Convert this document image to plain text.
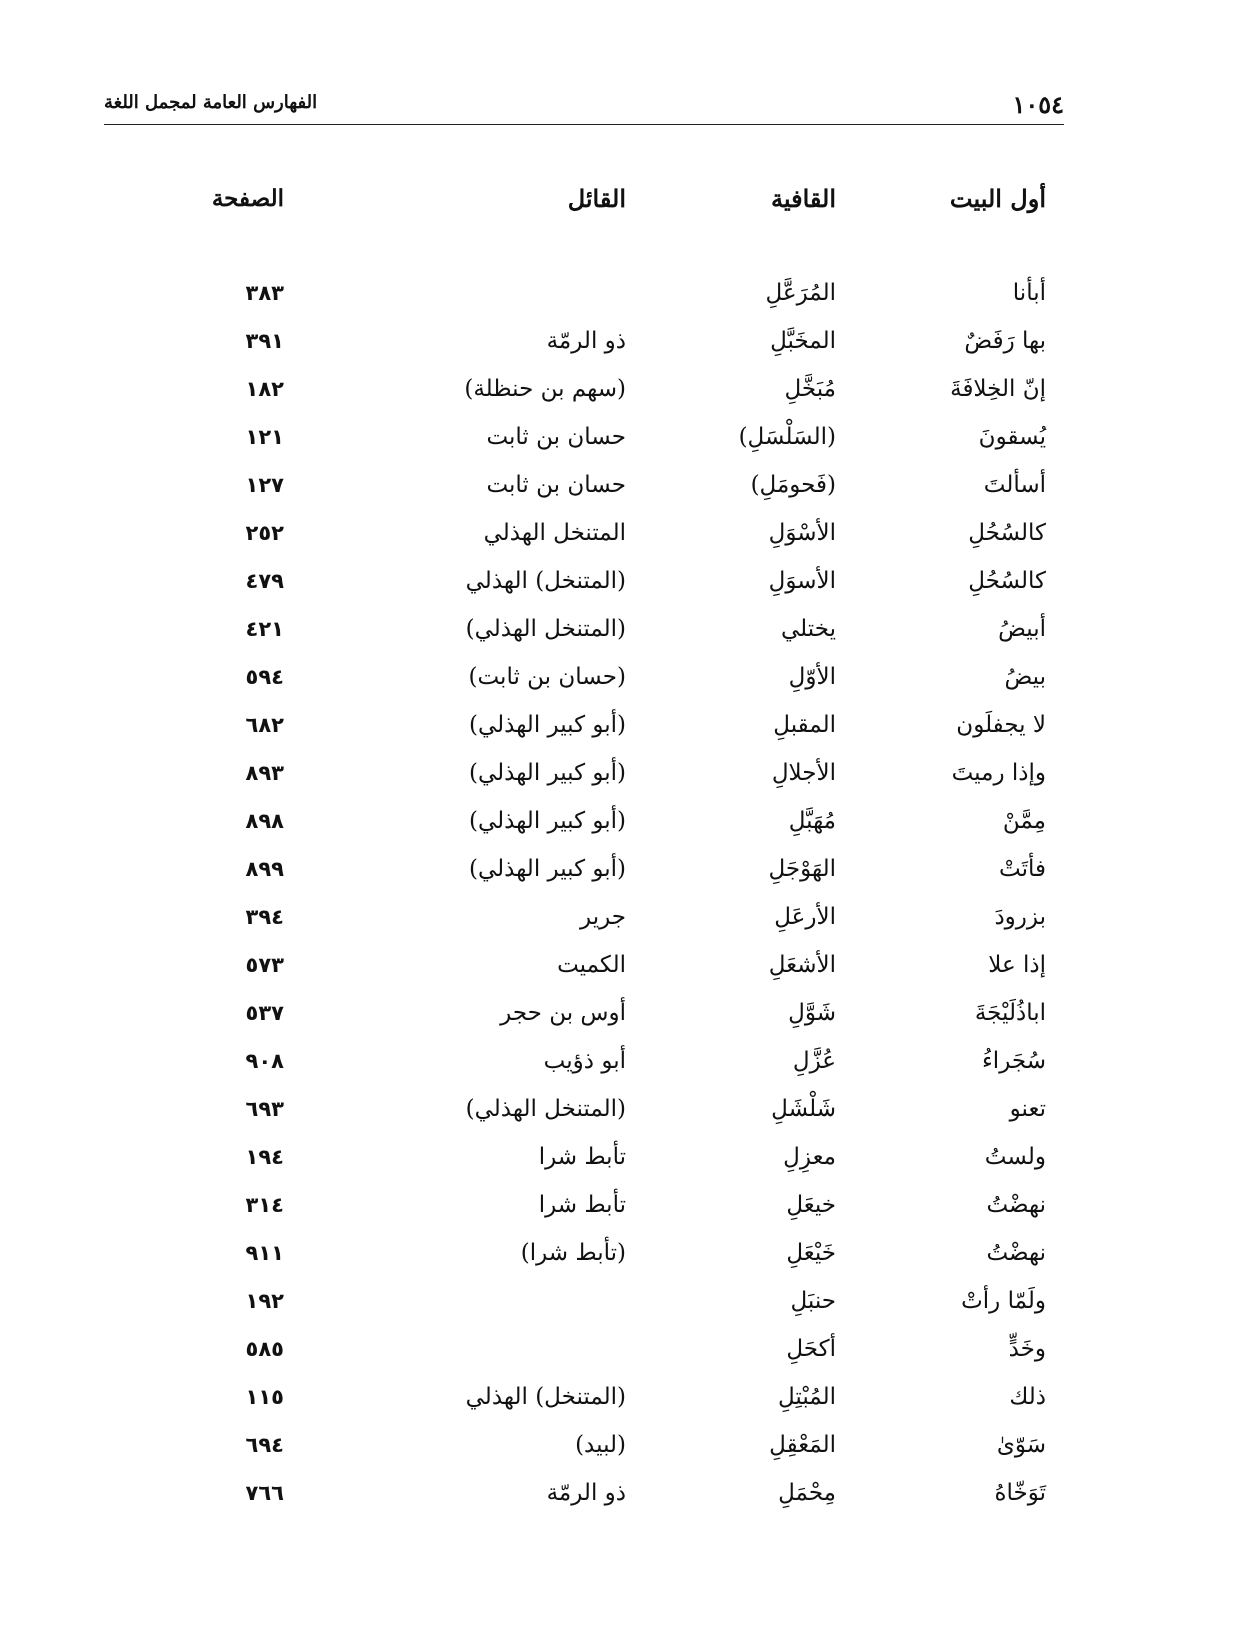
١٠٥٤
الفهارس العامة لمجمل اللغة
أول البيت
القافية
القائل
الصفحة
أبأنا
المُرَعَّلِ
٣٨٣
بها رَفَضٌ
المخَبَّلِ
ذو الرمّة
٣٩١
إنّ الخِلافَةَ
مُبَخَّلِ
(سهم بن حنظلة)
١٨٢
يُسقونَ
(السَلْسَلِ)
حسان بن ثابت
١٢١
أسألتَ
(فَحومَلِ)
حسان بن ثابت
١٢٧
كالسُحُلِ
الأسْوَلِ
المتنخل الهذلي
٢٥٢
كالسُحُلِ
الأسوَلِ
(المتنخل) الهذلي
٤٧٩
أبيضُ
يختلي
(المتنخل الهذلي)
٤٢١
بيضُ
الأوّلِ
(حسان بن ثابت)
٥٩٤
لا يجفلَون
المقبلِ
(أبو كبير الهذلي)
٦٨٢
وإذا رميتَ
الأجلالِ
(أبو كبير الهذلي)
٨٩٣
مِمَّنْ
مُهَبَّلِ
(أبو كبير الهذلي)
٨٩٨
فأتَتْ
الهَوْجَلِ
(أبو كبير الهذلي)
٨٩٩
بزرودَ
الأرعَلِ
جرير
٣٩٤
إذا علا
الأشعَلِ
الكميت
٥٧٣
اباذُلَيْجَةَ
شَوَّلِ
أوس بن حجر
٥٣٧
سُجَراءُ
عُزَّلِ
أبو ذؤيب
٩٠٨
تعنو
شَلْشَلِ
(المتنخل الهذلي)
٦٩٣
ولستُ
معزِلِ
تأبط شرا
١٩٤
نهضْتُ
خيعَلِ
تأبط شرا
٣١٤
نهضْتُ
خَيْعَلِ
(تأبط شرا)
٩١١
ولَمّا رأتْ
حنبَلِ
١٩٢
وخَدٍّ
أكحَلِ
٥٨٥
ذلك
المُبْتِلِ
(المتنخل) الهذلي
١١٥
سَوّىٰ
المَعْقِلِ
(لبيد)
٦٩٤
تَوَخّاهُ
مِحْمَلِ
ذو الرمّة
٧٦٦
